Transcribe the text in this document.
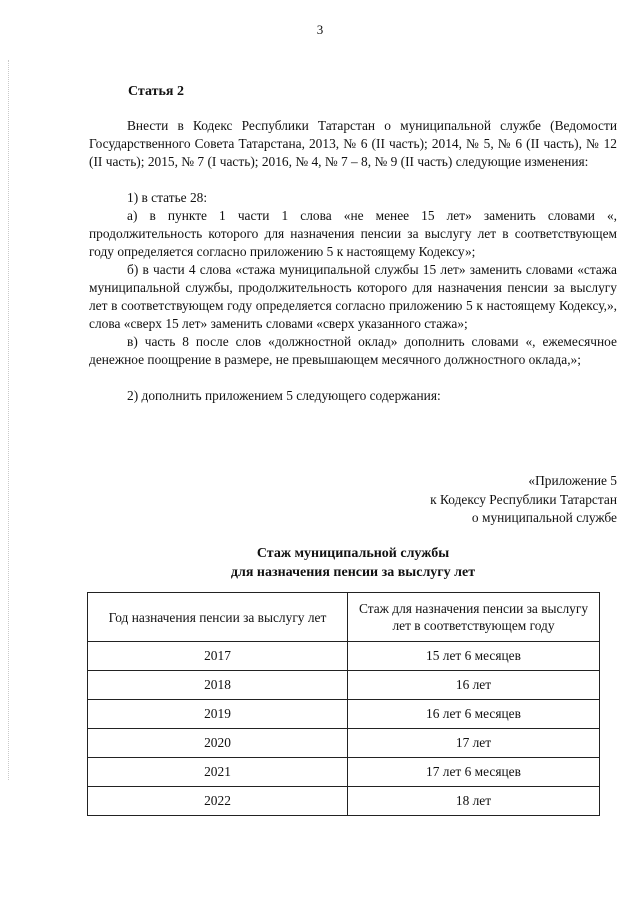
3
Статья 2

Внести в Кодекс Республики Татарстан о муниципальной службе (Ведомости Государственного Совета Татарстана, 2013, № 6 (II часть); 2014, № 5, № 6 (II часть), № 12 (II часть); 2015, № 7 (I часть); 2016, № 4, № 7 – 8, № 9 (II часть) следующие изменения:

1) в статье 28:

а) в пункте 1 части 1 слова «не менее 15 лет» заменить словами «, продолжительность которого для назначения пенсии за выслугу лет в соответствующем году определяется согласно приложению 5 к настоящему Кодексу»;

б) в части 4 слова «стажа муниципальной службы 15 лет» заменить словами «стажа муниципальной службы, продолжительность которого для назначения пенсии за выслугу лет в соответствующем году определяется согласно приложению 5 к настоящему Кодексу,», слова «сверх 15 лет» заменить словами «сверх указанного стажа»;

в) часть 8 после слов «должностной оклад» дополнить словами «, ежемесячное денежное поощрение в размере, не превышающем месячного должностного оклада,»;

2) дополнить приложением 5 следующего содержания:

«Приложение 5
к Кодексу Республики Татарстан
о муниципальной службе
Стаж муниципальной службы
для назначения пенсии за выслугу лет
Год назначения пенсии за выслугу лет	Стаж для назначения пенсии за выслугу лет в соответствующем году
2017	15 лет 6 месяцев
2018	16 лет
2019	16 лет 6 месяцев
2020	17 лет
2021	17 лет 6 месяцев
2022	18 лет
